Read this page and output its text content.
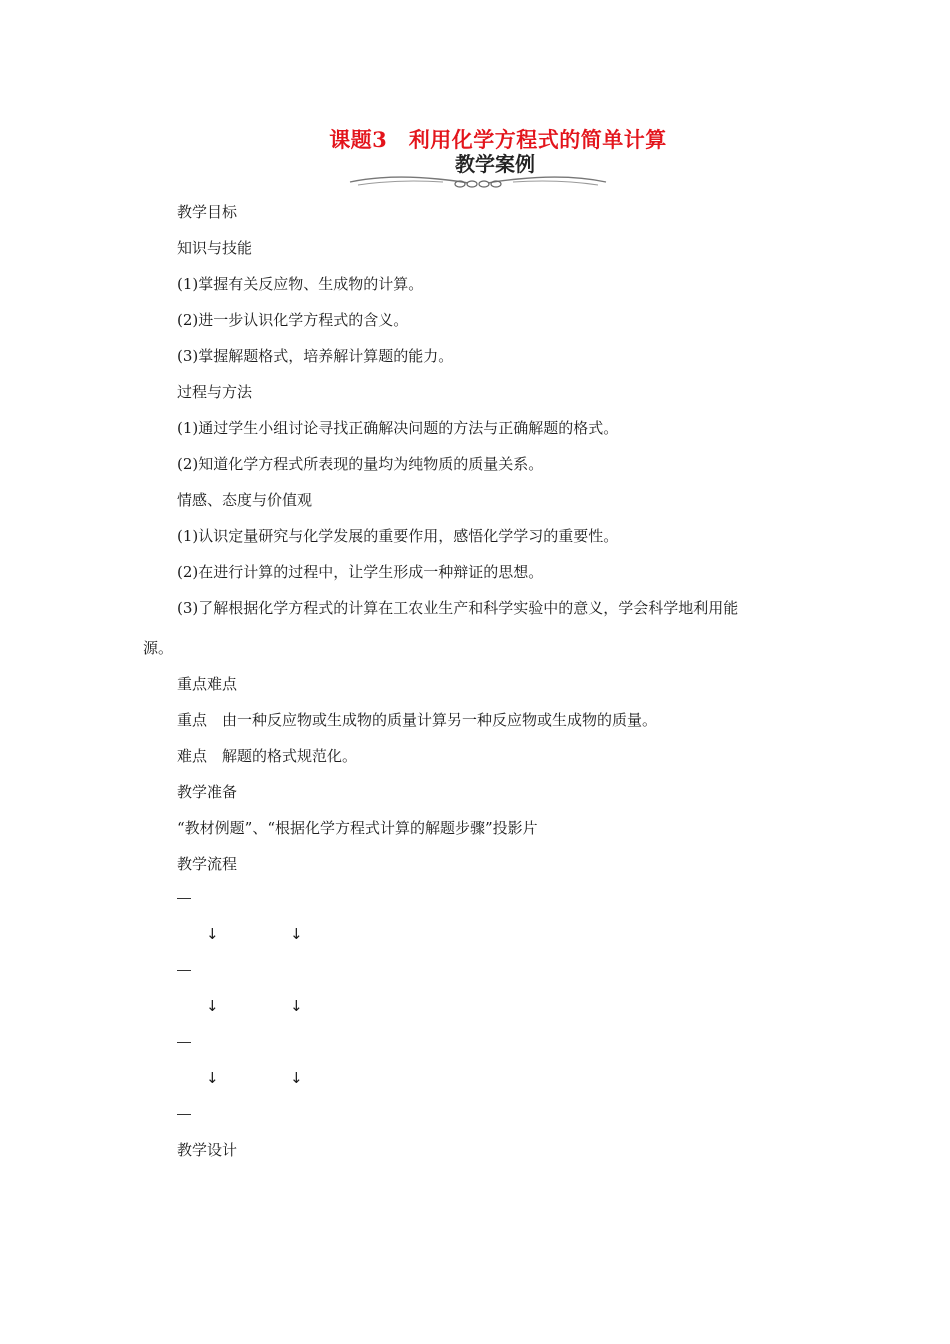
课题3　利用化学方程式的简单计算
教学案例
教学目标
知识与技能
(1)掌握有关反应物、生成物的计算。
(2)进一步认识化学方程式的含义。
(3)掌握解题格式，培养解计算题的能力。
过程与方法
(1)通过学生小组讨论寻找正确解决问题的方法与正确解题的格式。
(2)知道化学方程式所表现的量均为纯物质的质量关系。
情感、态度与价值观
(1)认识定量研究与化学发展的重要作用，感悟化学学习的重要性。
(2)在进行计算的过程中，让学生形成一种辩证的思想。
(3)了解根据化学方程式的计算在工农业生产和科学实验中的意义，学会科学地利用能
源。
重点难点
重点　由一种反应物或生成物的质量计算另一种反应物或生成物的质量。
难点　解题的格式规范化。
教学准备
“教材例题”、“根据化学方程式计算的解题步骤”投影片
教学流程
↓	↓
↓	↓
↓	↓
教学设计
